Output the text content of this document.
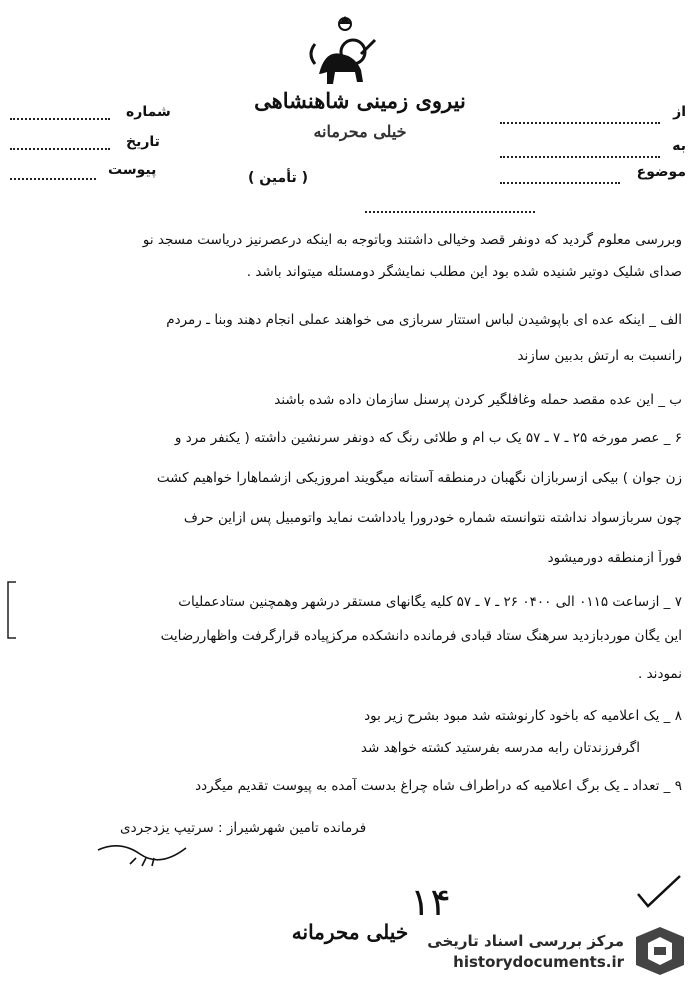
نیروی زمینی شاهنشاهی
خیلی محرمانه
از
به
موضوع
شماره
تاریخ
پیوست	( تأمین )
وبررسی معلوم گردید که دونفر قصد وخیالی داشتند وباتوجه به اینکه درعصرنیز دریاست مسجد نو
صدای شلیک دوتیر شنیده شده بود این مطلب نمایشگر دومسئله میتواند باشد .
الف _ اینکه عده ای باپوشیدن لباس استتار سربازی می خواهند عملی انجام دهند وبنا ـ رمردم
رانسبت به ارتش بدبین سازند
ب _ این عده مقصد حمله وغافلگیر کردن پرسنل سازمان داده شده باشند
۶ _ عصر مورخه ۲۵ ـ ۷ ـ ۵۷ یک ب ام و طلائی رنگ که دونفر سرنشین داشته ( یکنفر مرد و
زن جوان ) بیکی ازسربازان نگهبان درمنطقه آستانه میگویند امروزیکی ازشماهارا خواهیم کشت
چون سربازسواد نداشته نتوانسته شماره خودرورا یادداشت نماید واتومبیل پس ازاین حرف
فوراً ازمنطقه دورمیشود
۷ _ ازساعت ۰۱۱۵ الی ۰۴۰۰ ۲۶ ـ ۷ ـ ۵۷ کلیه یگانهای مستقر درشهر وهمچنین ستادعملیات
این یگان موردبازدید سرهنگ ستاد قبادی فرمانده دانشکده مرکزپیاده قرارگرفت واظهاررضایت
نمودند .
۸ _ یک اعلامیه که باخود کارنوشته شد مبود بشرح زیر بود
اگرفرزندتان رابه مدرسه بفرستید کشته خواهد شد
۹ _ تعداد ـ یک برگ اعلامیه که دراطراف شاه چراغ بدست آمده به پیوست تقدیم میگردد
فرمانده تامین شهرشیراز : سرتیپ یزدجردی
۱۴
خیلی محرمانه	مرکز بررسی اسناد تاریخی
historydocuments.ir
